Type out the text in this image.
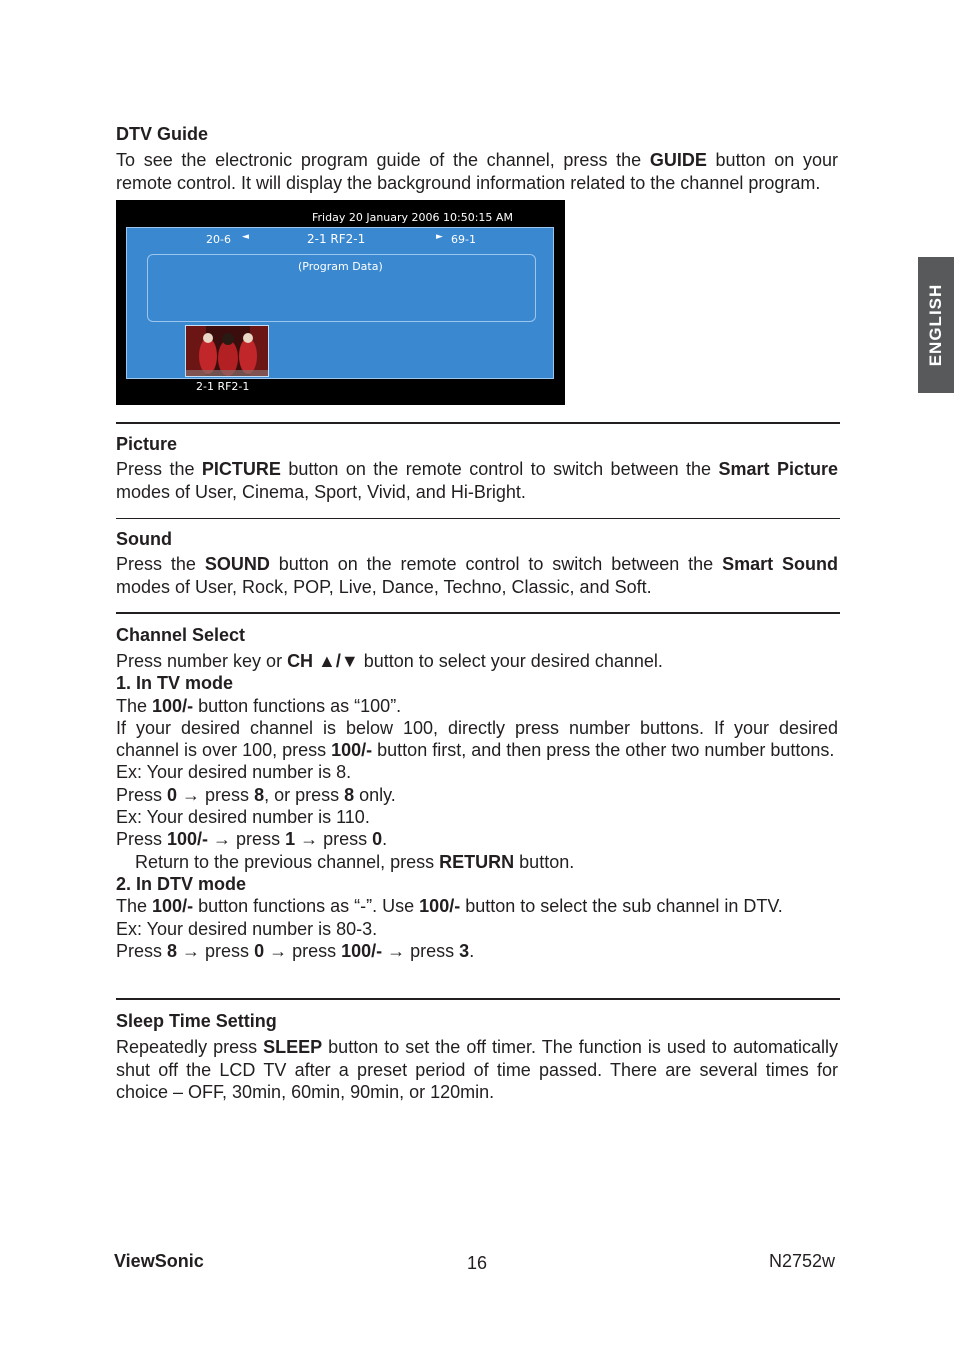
ENGLISH

DTV Guide

To see the electronic program guide of the channel, press the GUIDE button on your remote control. It will display the background information related to the channel program.

Friday 20 January 2006 10:50:15 AM
20-6 ◄	2-1 RF2-1	► 69-1
(Program Data)
2-1 RF2-1

Picture

Press the PICTURE button on the remote control to switch between the Smart Picture modes of User, Cinema, Sport, Vivid, and Hi-Bright.

Sound

Press the SOUND button on the remote control to switch between the Smart Sound modes of User, Rock, POP, Live, Dance, Techno, Classic, and Soft.

Channel Select

Press number key or CH ▲/▼ button to select your desired channel.

1. In TV mode

The 100/- button functions as “100”.

If your desired channel is below 100, directly press number buttons. If your desired channel is over 100, press 100/- button first, and then press the other two number buttons.

Ex: Your desired number is 8.

Press 0 → press 8, or press 8 only.

Ex: Your desired number is 110.

Press 100/- → press 1 → press 0.

Return to the previous channel, press RETURN button.

2. In DTV mode

The 100/- button functions as “-”. Use 100/- button to select the sub channel in DTV.

Ex: Your desired number is 80-3.

Press 8 → press 0 → press 100/- → press 3.

Sleep Time Setting

Repeatedly press SLEEP button to set the off timer. The function is used to automatically shut off the LCD TV after a preset period of time passed. There are several times for choice – OFF, 30min, 60min, 90min, or 120min.

ViewSonic	16	N2752w
